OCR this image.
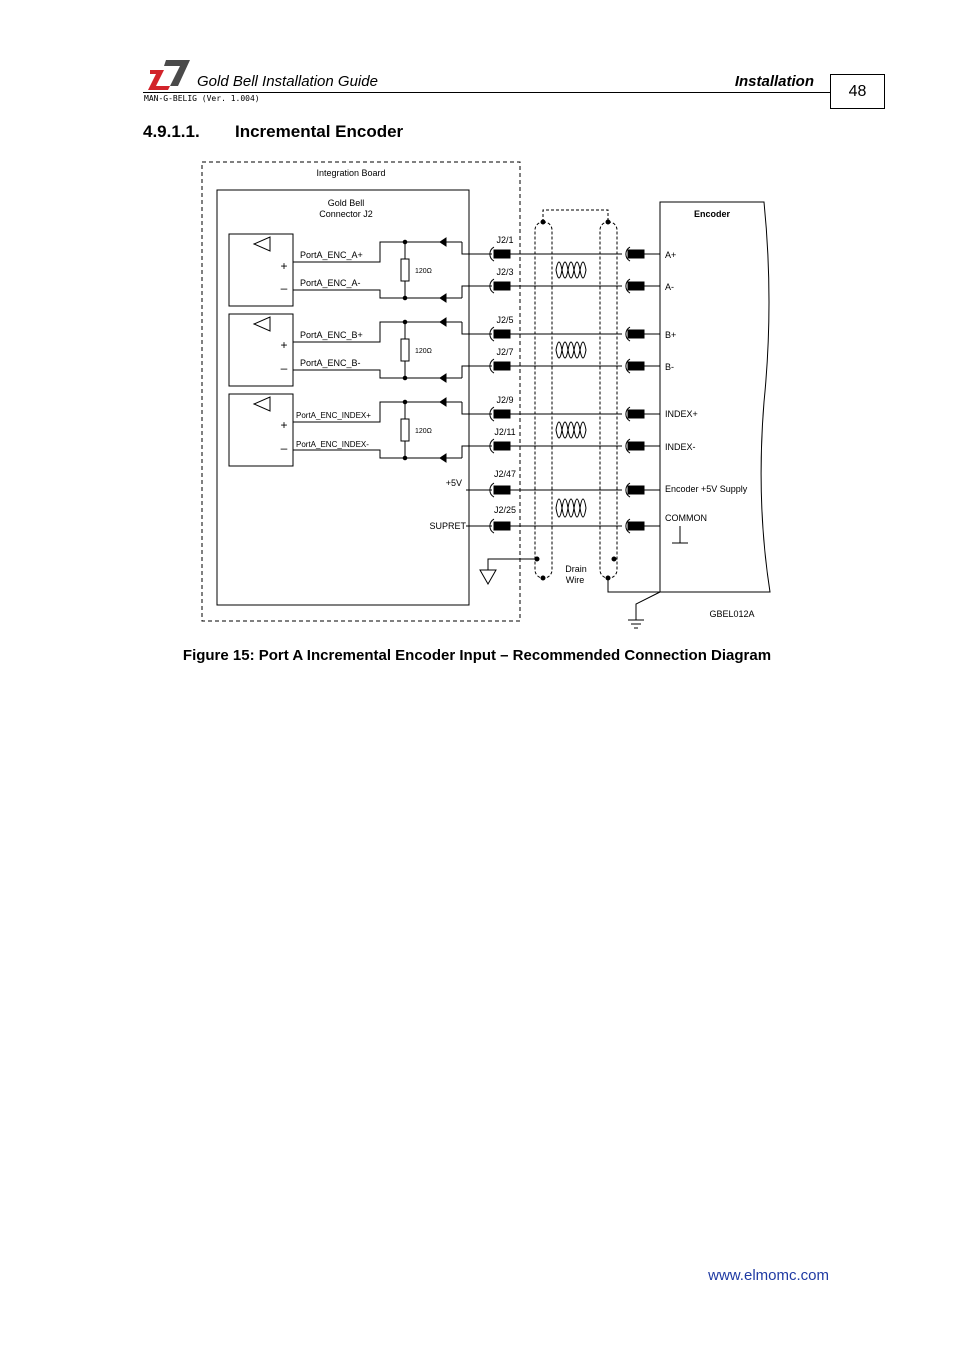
Gold Bell Installation Guide	Installation
MAN-G-BELIG (Ver. 1.004)	48
4.9.1.1. Incremental Encoder
Integration Board
Gold Bell
Connector J2
+
–
+
–
+
–
PortA_ENC_A+
PortA_ENC_A-
PortA_ENC_B+
PortA_ENC_B-
PortA_ENC_INDEX+
PortA_ENC_INDEX-
120Ω
120Ω
120Ω
+5V
SUPRET
J2/1
J2/3
J2/5
J2/7
J2/9
J2/11
J2/47
J2/25
Drain
Wire
Encoder
A+
A-
B+
B-
INDEX+
INDEX-
Encoder +5V Supply
COMMON
GBEL012A
Figure 15: Port A Incremental Encoder Input – Recommended Connection Diagram
www.elmomc.com
